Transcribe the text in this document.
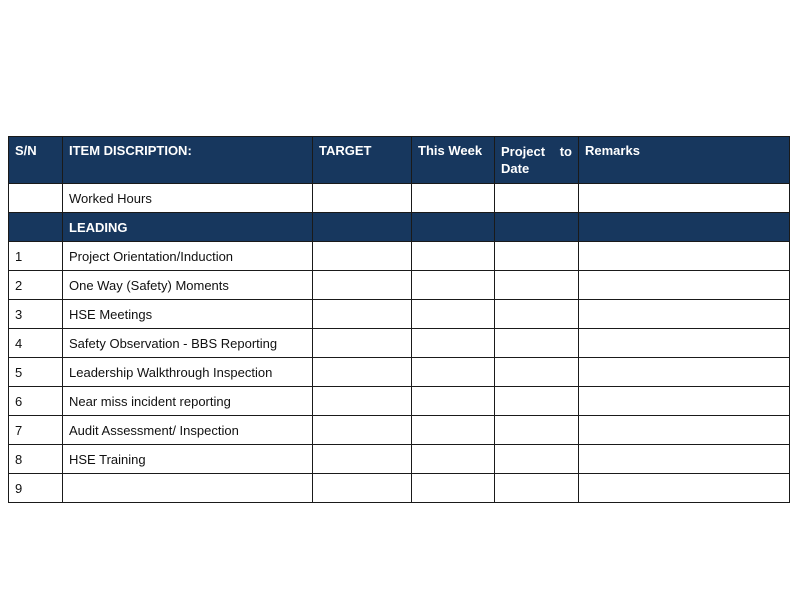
S/N	ITEM DISCRIPTION:	TARGET	This Week	Project to Date	Remarks
	Worked Hours				
	LEADING				
1	Project Orientation/Induction				
2	One Way (Safety) Moments				
3	HSE Meetings				
4	Safety Observation - BBS Reporting				
5	Leadership Walkthrough Inspection				
6	Near miss incident reporting				
7	Audit Assessment/ Inspection				
8	HSE Training				
9					
